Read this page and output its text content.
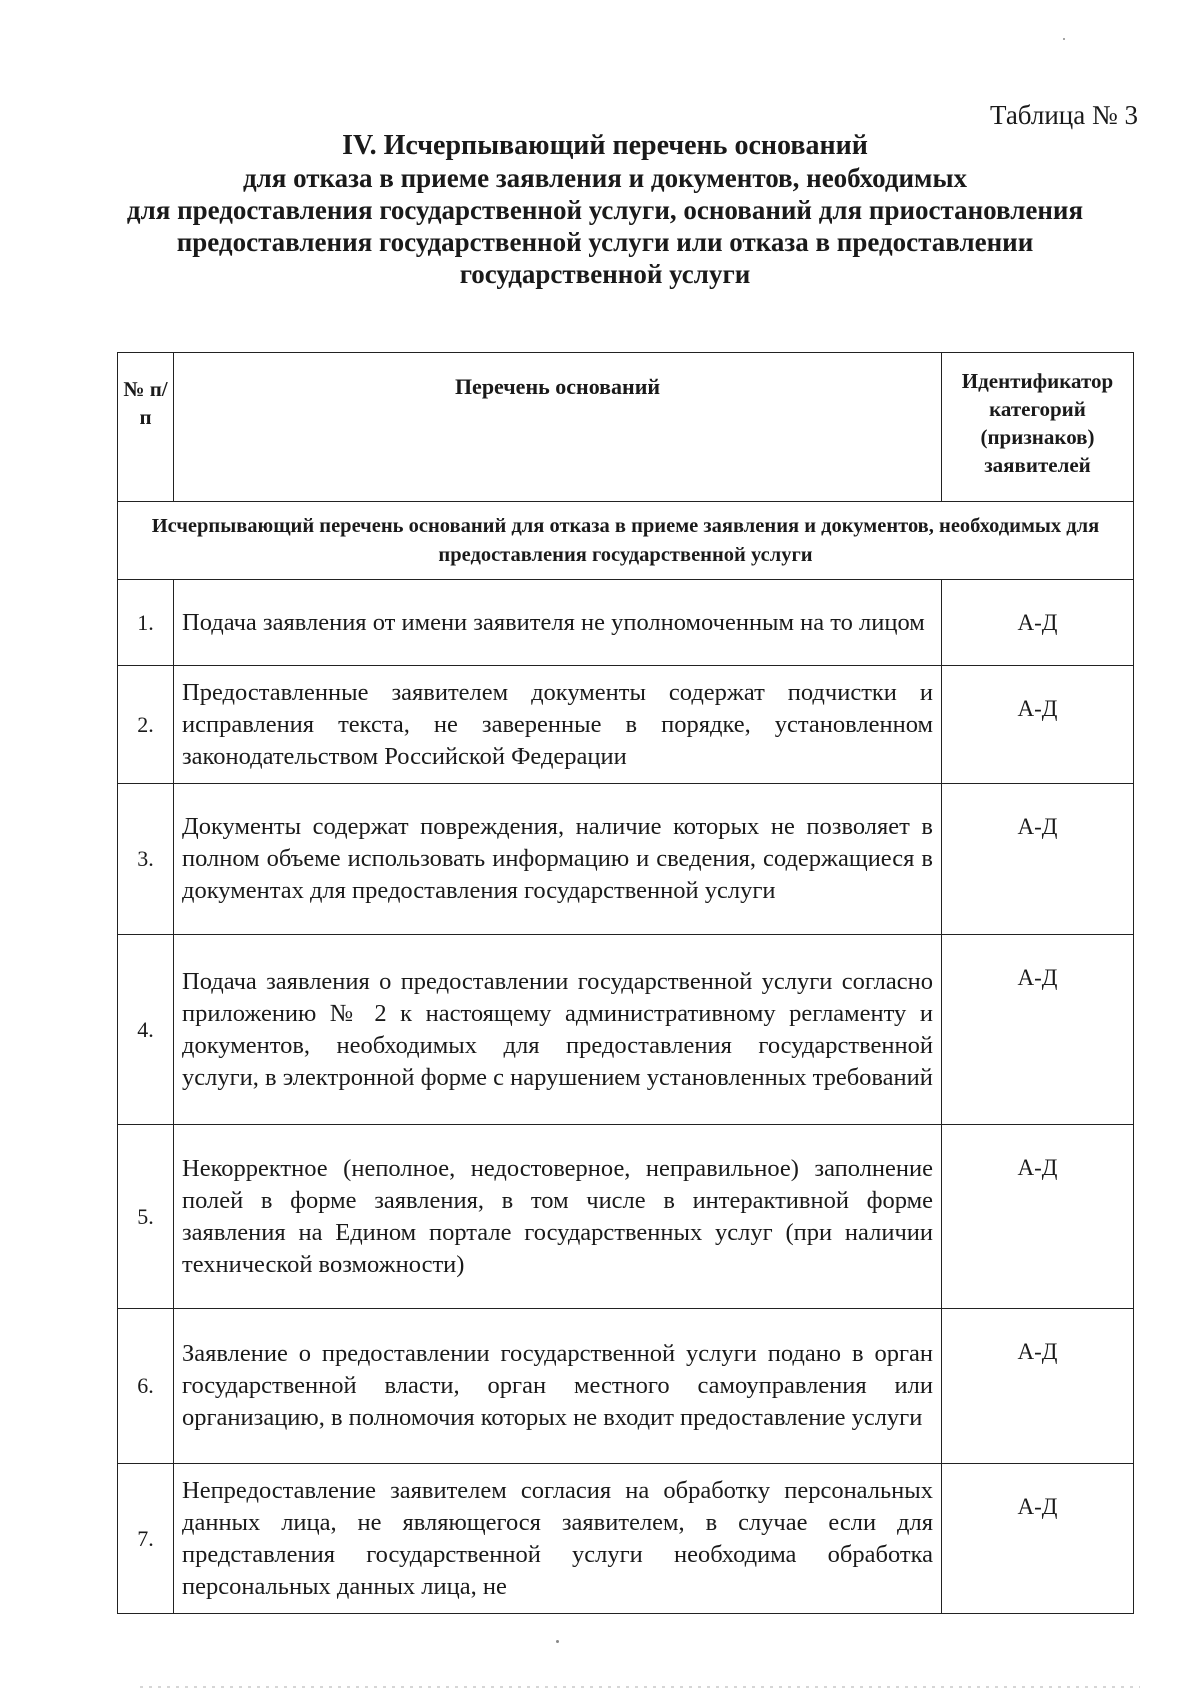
Таблица № 3
IV. Исчерпывающий перечень оснований
для отказа в приеме заявления и документов, необходимых
для предоставления государственной услуги, оснований для приостановления
предоставления государственной услуги или отказа в предоставлении
государственной услуги
№ п/п	Перечень оснований	Идентификатор категорий (признаков) заявителей
Исчерпывающий перечень оснований для отказа в приеме заявления и документов, необходимых для предоставления государственной услуги		
1.	Подача заявления от имени заявителя не уполномоченным на то лицом	А-Д
2.	Предоставленные заявителем документы содержат подчистки и исправления текста, не заверенные в порядке, установленном законодательством Российской Федерации	А-Д
3.	Документы содержат повреждения, наличие которых не позволяет в полном объеме использовать информацию и сведения, содержащиеся в документах для предоставления государственной услуги	А-Д
4.	Подача заявления о предоставлении государственной услуги согласно приложению № 2 к настоящему административному регламенту и документов, необходимых для предоставления государственной услуги, в электронной форме с нарушением установленных требований	А-Д
5.	Некорректное (неполное, недостоверное, неправильное) заполнение полей в форме заявления, в том числе в интерактивной форме заявления на Едином портале государственных услуг (при наличии технической возможности)	А-Д
6.	Заявление о предоставлении государственной услуги подано в орган государственной власти, орган местного самоуправления или организацию, в полномочия которых не входит предоставление услуги	А-Д
7.	Непредоставление заявителем согласия на обработку персональных данных лица, не являющегося заявителем, в случае если для представления государственной услуги необходима обработка персональных данных лица, не	А-Д
